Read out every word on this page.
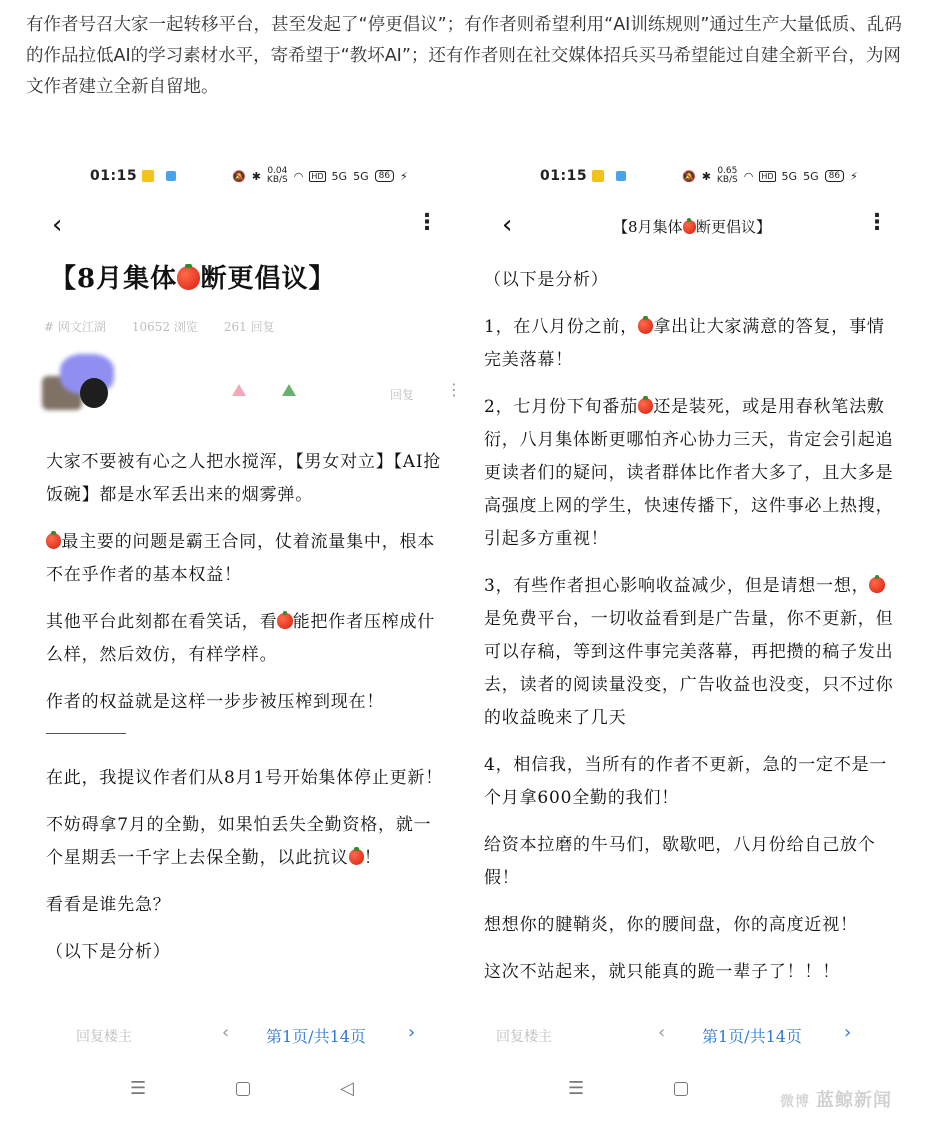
有作者号召大家一起转移平台，甚至发起了“停更倡议”；有作者则希望利用“AI训练规则”通过生产大量低质、乱码的作品拉低AI的学习素材水平，寄希望于“教坏AI”；还有作者则在社交媒体招兵买马希望能过自建全新平台，为网文作者建立全新自留地。
01:15	🔕 ✱ 0.04
KB/S ◠ HD 5G 5G	86 ⚡
‹	⋮
【8月集体 断更倡议】
# 网文江湖 10652 浏览 261 回复
回复 ⋮

大家不要被有心之人把水搅浑，【男女对立】【AI抢饭碗】都是水军丢出来的烟雾弹。

最主要的问题是霸王合同，仗着流量集中，根本不在乎作者的基本权益！

其他平台此刻都在看笑话，看 能把作者压榨成什么样，然后效仿，有样学样。

作者的权益就是这样一步步被压榨到现在！

在此，我提议作者们从8月1号开始集体停止更新！

不妨碍拿7月的全勤，如果怕丢失全勤资格，就一个星期丢一千字上去保全勤，以此抗议 ！

看看是谁先急？

（以下是分析）

回复楼主	‹ 第1页/共14页 ›
☰	◁
01:15	🔕 ✱ 0.65
KB/S ◠ HD 5G 5G	86 ⚡
‹	【8月集体 断更倡议】	⋮

（以下是分析）

1，在八月份之前， 拿出让大家满意的答复，事情完美落幕！

2，七月份下旬番茄 还是装死，或是用春秋笔法敷衍，八月集体断更哪怕齐心协力三天，肯定会引起追更读者们的疑问，读者群体比作者大多了，且大多是高强度上网的学生，快速传播下，这件事必上热搜，引起多方重视！

3，有些作者担心影响收益减少，但是请想一想，是免费平台，一切收益看到是广告量，你不更新，但可以存稿，等到这件事完美落幕，再把攒的稿子发出去，读者的阅读量没变，广告收益也没变，只不过你的收益晚来了几天

4，相信我，当所有的作者不更新，急的一定不是一个月拿600全勤的我们！

给资本拉磨的牛马们，歇歇吧，八月份给自己放个假！

想想你的腱鞘炎，你的腰间盘，你的高度近视！

这次不站起来，就只能真的跪一辈子了！！！

回复楼主	‹ 第1页/共14页 ›
☰
微博 蓝鲸新闻
